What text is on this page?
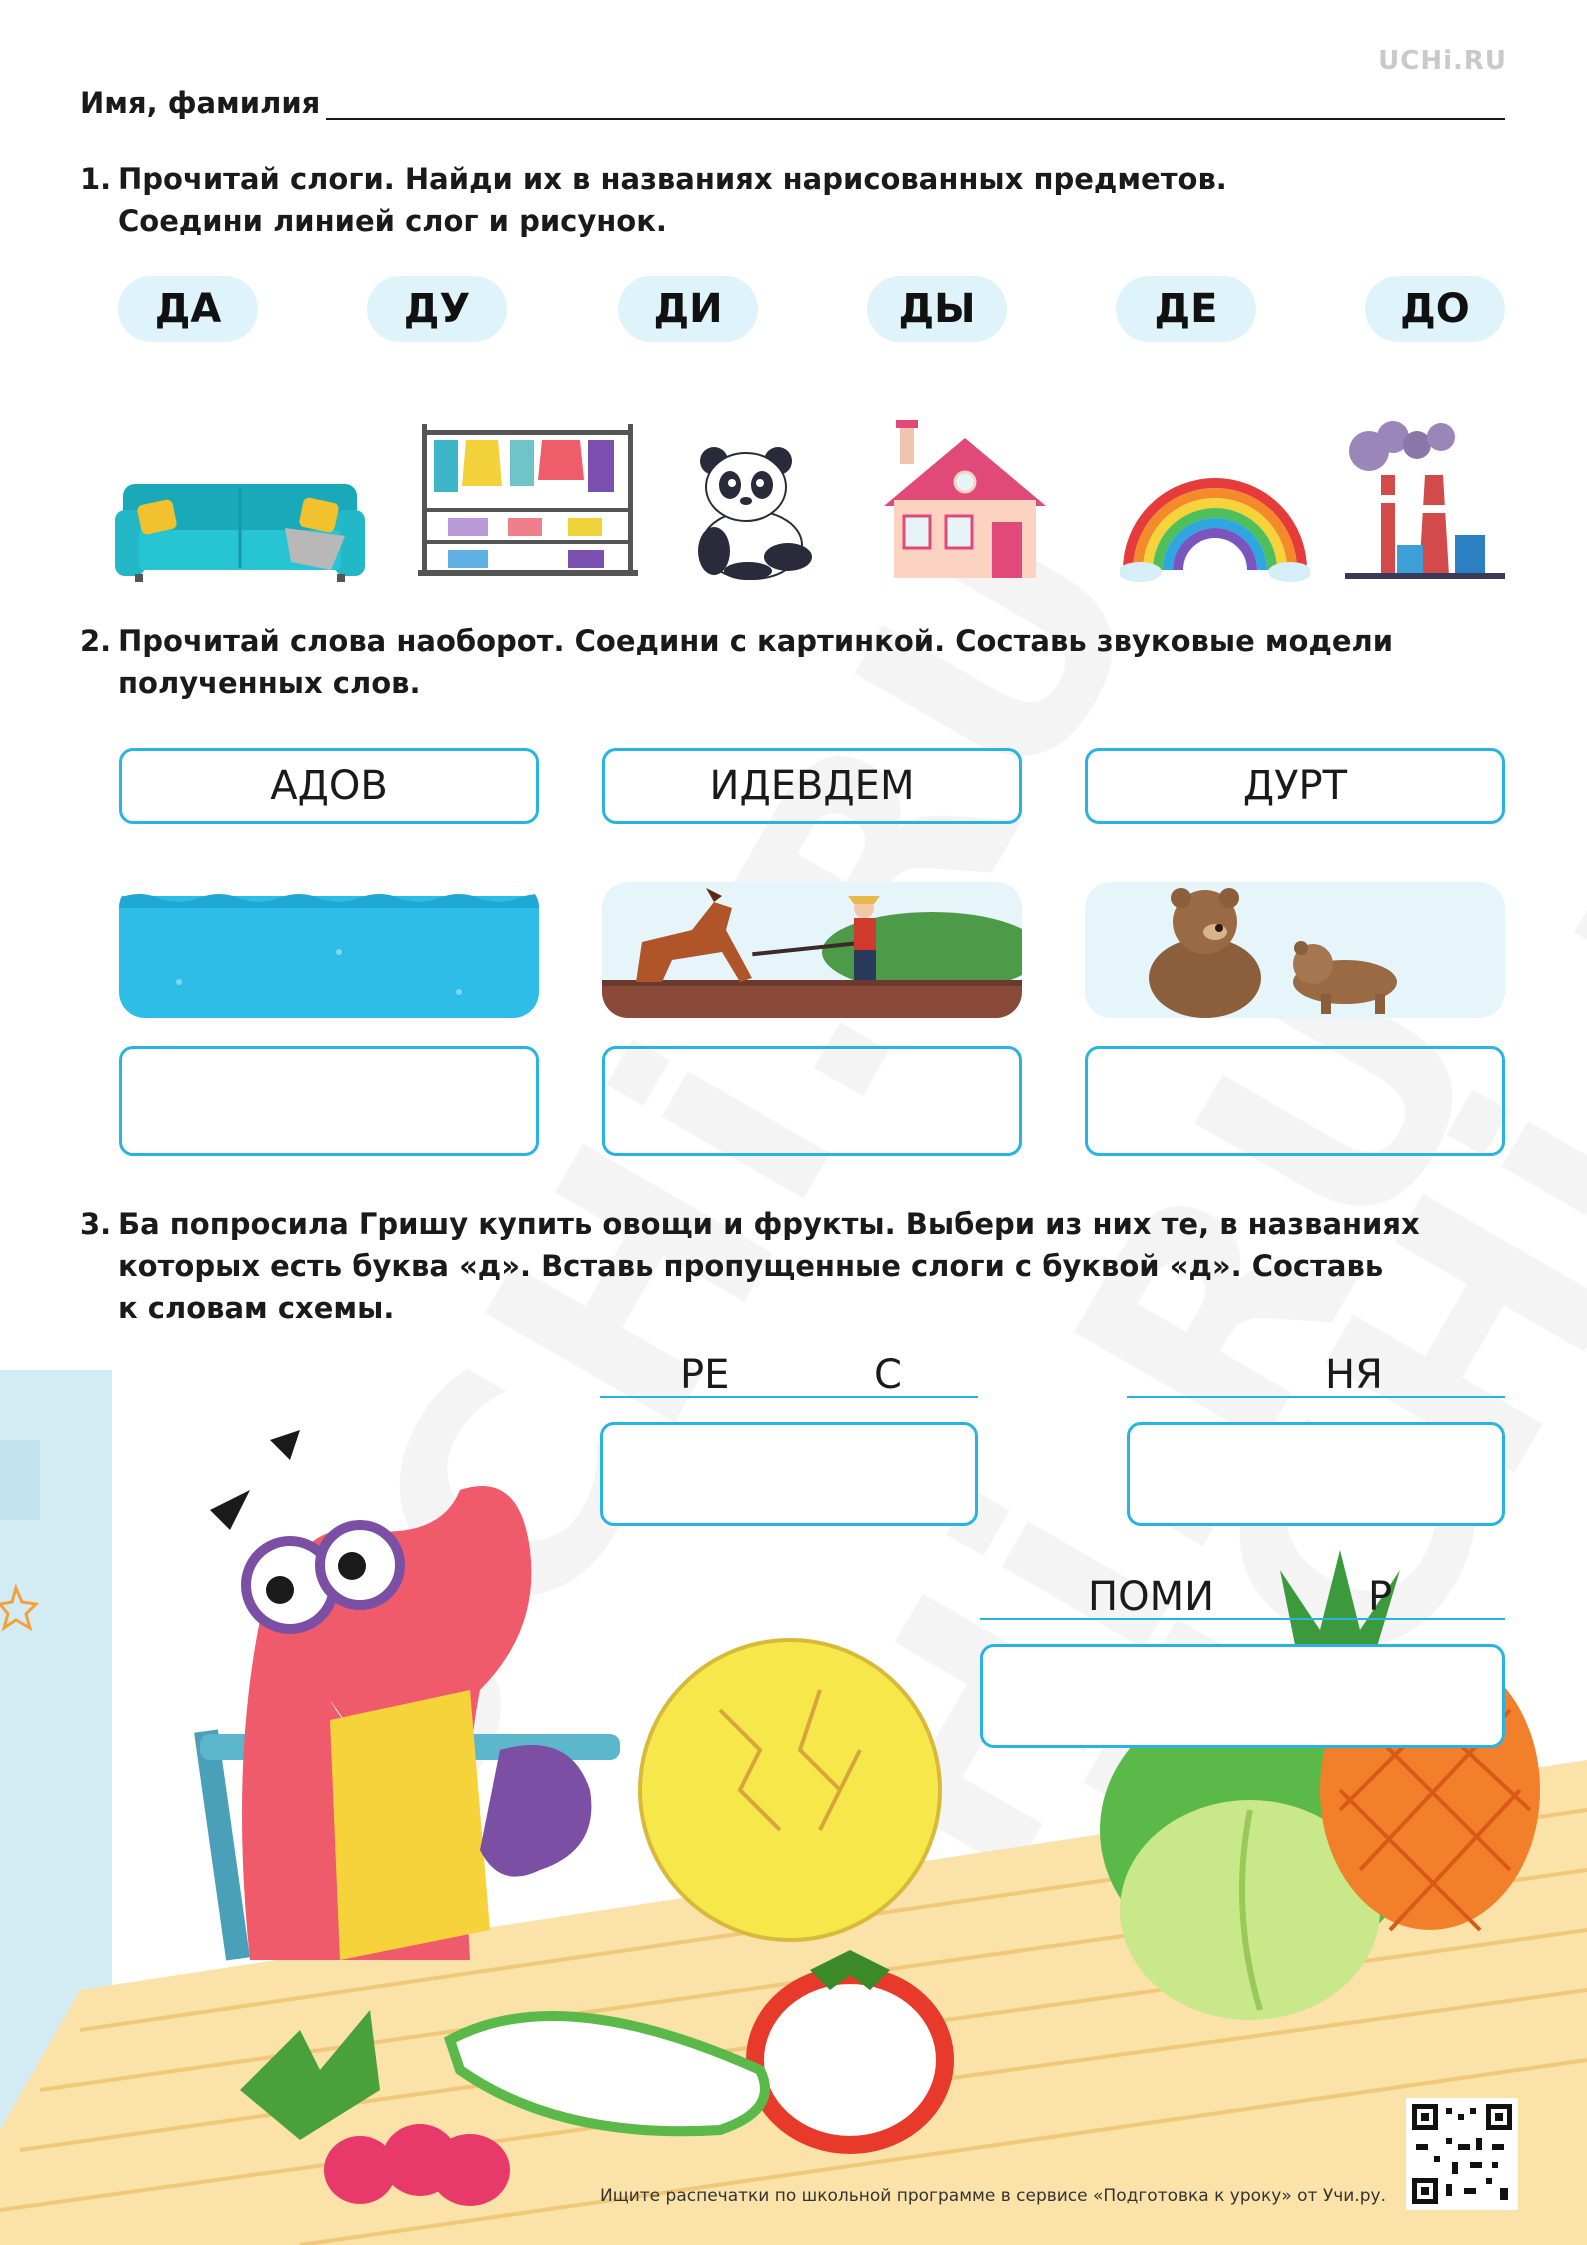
UCHi.RU
Имя, фамилия
1. Прочитай слоги. Найди их в названиях нарисованных предметов.
Соедини линией слог и рисунок.
ДА	ДУ	ДИ	ДЫ	ДЕ	ДО
2. Прочитай слова наоборот. Соедини с картинкой. Составь звуковые модели
полученных слов.
АДОВ	ИДЕВДЕМ	ДУРТ
3. Ба попросила Гришу купить овощи и фрукты. Выбери из них те, в названиях
которых есть буква «д». Вставь пропущенные слоги с буквой «д». Составь
к словам схемы.
РЕ	С	НЯ
ПОМИ	Р
Ищите распечатки по школьной программе в сервисе «Подготовка к уроку» от Учи.ру.
